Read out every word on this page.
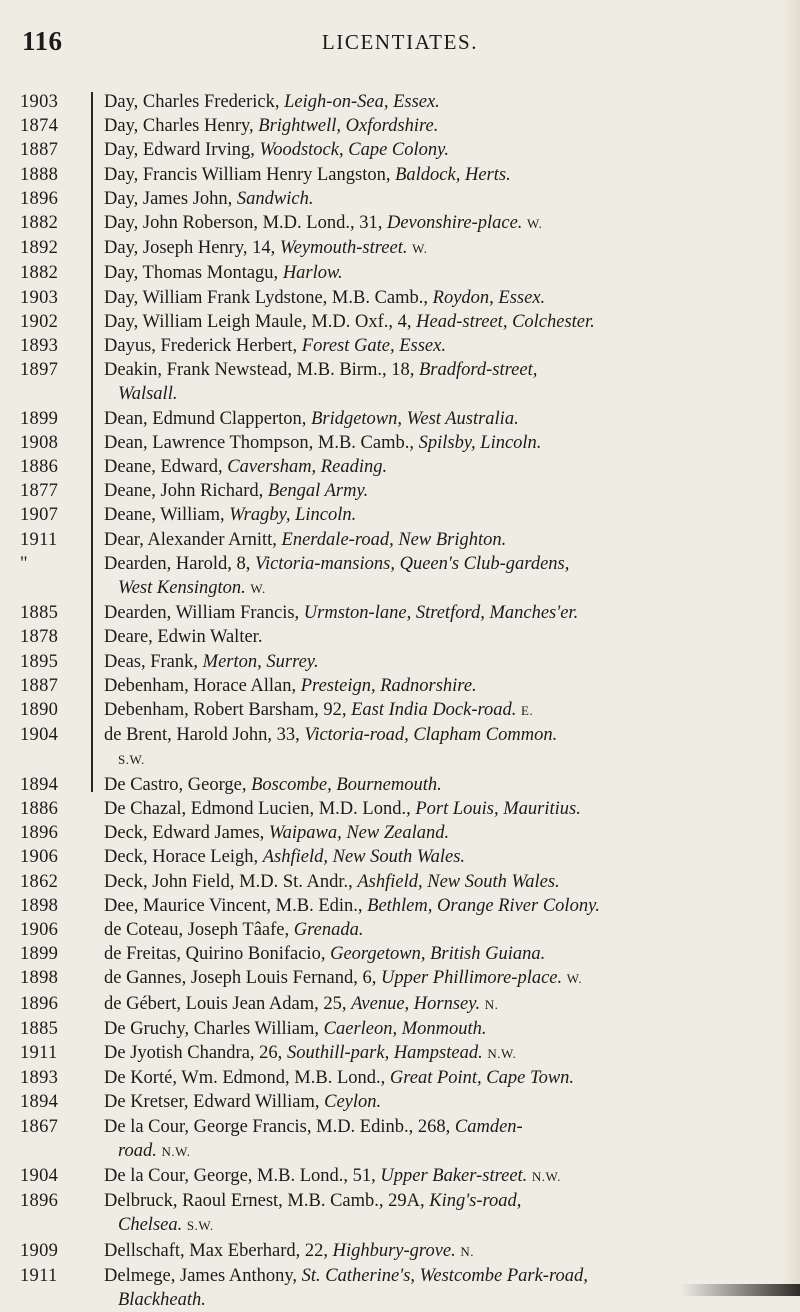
116	LICENTIATES.
1903	Day, Charles Frederick, Leigh-on-Sea, Essex.
1874	Day, Charles Henry, Brightwell, Oxfordshire.
1887	Day, Edward Irving, Woodstock, Cape Colony.
1888	Day, Francis William Henry Langston, Baldock, Herts.
1896	Day, James John, Sandwich.
1882	Day, John Roberson, M.D. Lond., 31, Devonshire-place. W.
1892	Day, Joseph Henry, 14, Weymouth-street. W.
1882	Day, Thomas Montagu, Harlow.
1903	Day, William Frank Lydstone, M.B. Camb., Roydon, Essex.
1902	Day, William Leigh Maule, M.D. Oxf., 4, Head-street, Colchester.
1893	Dayus, Frederick Herbert, Forest Gate, Essex.
1897	Deakin, Frank Newstead, M.B. Birm., 18, Bradford-street,
Walsall.
1899	Dean, Edmund Clapperton, Bridgetown, West Australia.
1908	Dean, Lawrence Thompson, M.B. Camb., Spilsby, Lincoln.
1886	Deane, Edward, Caversham, Reading.
1877	Deane, John Richard, Bengal Army.
1907	Deane, William, Wragby, Lincoln.
1911	Dear, Alexander Arnitt, Enerdale-road, New Brighton.
"	Dearden, Harold, 8, Victoria-mansions, Queen's Club-gardens,
West Kensington. W.
1885	Dearden, William Francis, Urmston-lane, Stretford, Manches'er.
1878	Deare, Edwin Walter.
1895	Deas, Frank, Merton, Surrey.
1887	Debenham, Horace Allan, Presteign, Radnorshire.
1890	Debenham, Robert Barsham, 92, East India Dock-road. E.
1904	de Brent, Harold John, 33, Victoria-road, Clapham Common.
S.W.
1894	De Castro, George, Boscombe, Bournemouth.
1886	De Chazal, Edmond Lucien, M.D. Lond., Port Louis, Mauritius.
1896	Deck, Edward James, Waipawa, New Zealand.
1906	Deck, Horace Leigh, Ashfield, New South Wales.
1862	Deck, John Field, M.D. St. Andr., Ashfield, New South Wales.
1898	Dee, Maurice Vincent, M.B. Edin., Bethlem, Orange River Colony.
1906	de Coteau, Joseph Tâafe, Grenada.
1899	de Freitas, Quirino Bonifacio, Georgetown, British Guiana.
1898	de Gannes, Joseph Louis Fernand, 6, Upper Phillimore-place. W.
1896	de Gébert, Louis Jean Adam, 25, Avenue, Hornsey. N.
1885	De Gruchy, Charles William, Caerleon, Monmouth.
1911	De Jyotish Chandra, 26, Southill-park, Hampstead. N.W.
1893	De Korté, Wm. Edmond, M.B. Lond., Great Point, Cape Town.
1894	De Kretser, Edward William, Ceylon.
1867	De la Cour, George Francis, M.D. Edinb., 268, Camden-
road. N.W.
1904	De la Cour, George, M.B. Lond., 51, Upper Baker-street. N.W.
1896	Delbruck, Raoul Ernest, M.B. Camb., 29A, King's-road,
Chelsea. S.W.
1909	Dellschaft, Max Eberhard, 22, Highbury-grove. N.
1911	Delmege, James Anthony, St. Catherine's, Westcombe Park-road,
Blackheath.
